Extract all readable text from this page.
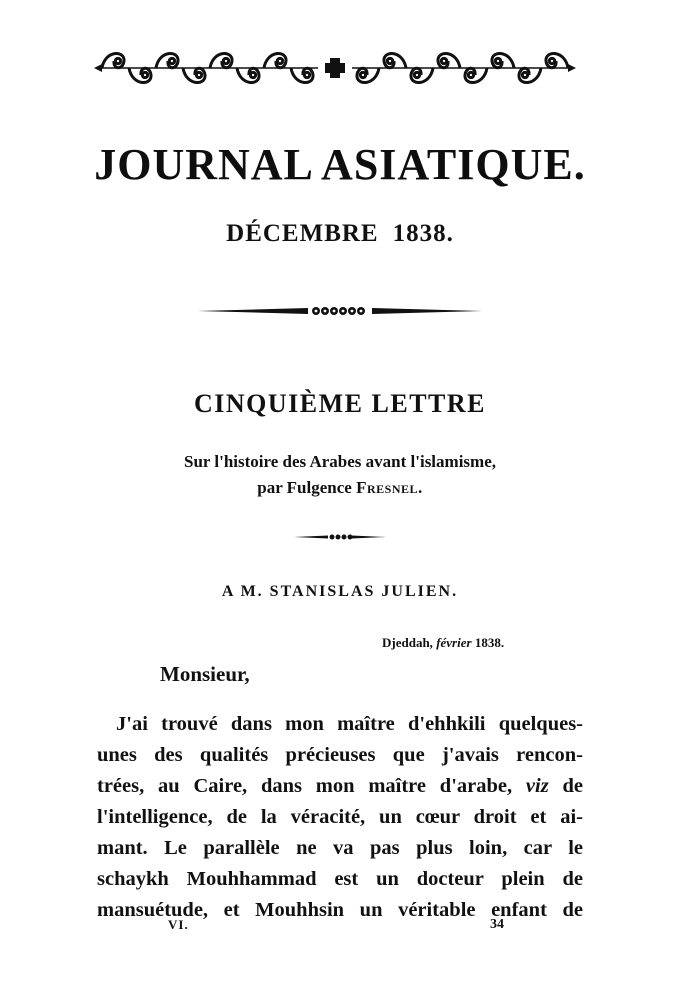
JOURNAL ASIATIQUE.
DÉCEMBRE 1838.
CINQUIÈME LETTRE
Sur l'histoire des Arabes avant l'islamisme,
par Fulgence Fresnel.
A M. STANISLAS JULIEN.
Djeddah, février 1838.
Monsieur,
J'ai trouvé dans mon maître d'ehhkili quelques-
unes des qualités précieuses que j'avais rencon-
trées, au Caire, dans mon maître d'arabe, viz de
l'intelligence, de la véracité, un cœur droit et ai-
mant. Le parallèle ne va pas plus loin, car le
schaykh Mouhhammad est un docteur plein de
mansuétude, et Mouhhsin un véritable enfant de
VI.	34
